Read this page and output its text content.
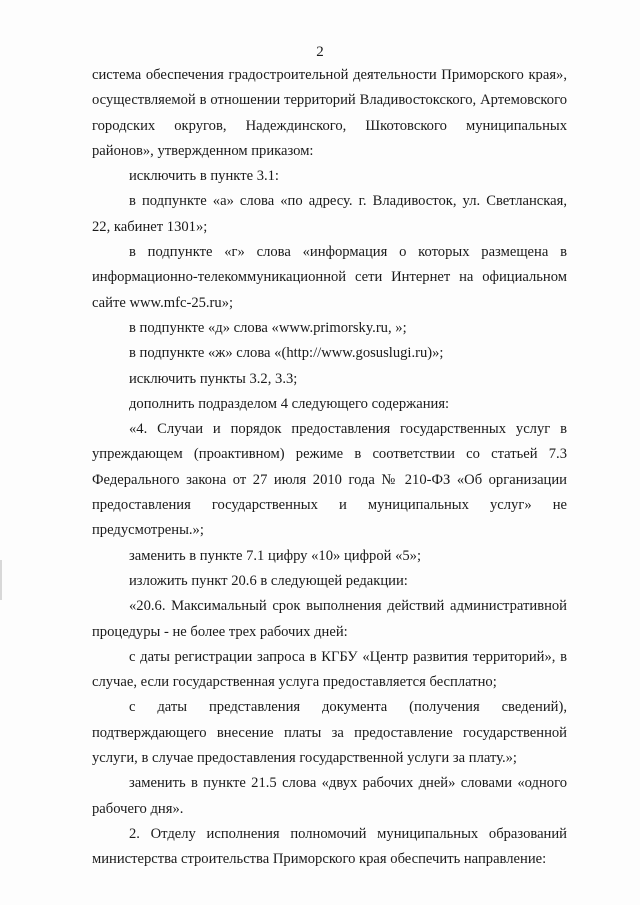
2

система обеспечения градостроительной деятельности Приморского края», осуществляемой в отношении территорий Владивостокского, Артемовского городских округов, Надеждинского, Шкотовского муниципальных районов», утвержденном приказом:

исключить в пункте 3.1:

в подпункте «а» слова «по адресу. г. Владивосток, ул. Светланская, 22, кабинет 1301»;

в подпункте «г» слова «информация о которых размещена в информационно-телекоммуникационной сети Интернет на официальном сайте www.mfc-25.ru»;

в подпункте «д» слова «www.primorsky.ru, »;

в подпункте «ж» слова «(http://www.gosuslugi.ru)»;

исключить пункты 3.2, 3.3;

дополнить подразделом 4 следующего содержания:

«4. Случаи и порядок предоставления государственных услуг в упреждающем (проактивном) режиме в соответствии со статьей 7.3 Федерального закона от 27 июля 2010 года № 210-ФЗ «Об организации предоставления государственных и муниципальных услуг» не предусмотрены.»;

заменить в пункте 7.1 цифру «10» цифрой «5»;

изложить пункт 20.6 в следующей редакции:

«20.6. Максимальный срок выполнения действий административной процедуры - не более трех рабочих дней:

с даты регистрации запроса в КГБУ «Центр развития территорий», в случае, если государственная услуга предоставляется бесплатно;

с даты представления документа (получения сведений), подтверждающего внесение платы за предоставление государственной услуги, в случае предоставления государственной услуги за плату.»;

заменить в пункте 21.5 слова «двух рабочих дней» словами «одного рабочего дня».

2. Отделу исполнения полномочий муниципальных образований министерства строительства Приморского края обеспечить направление:
